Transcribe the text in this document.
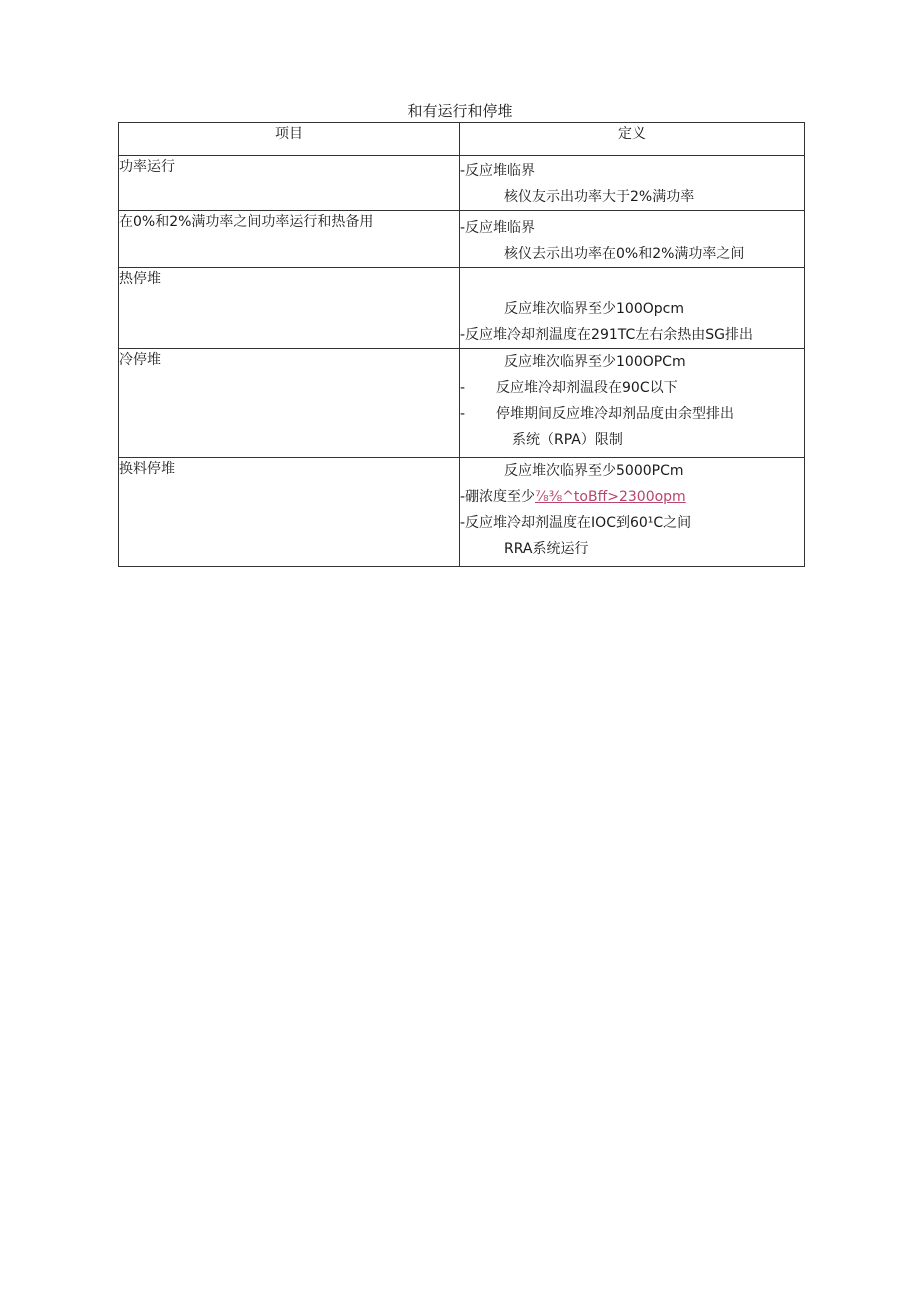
和有运行和停堆
项目	定义
功率运行	-反应堆临界
核仪友示出功率大于2%满功率

在0%和2%满功率之间功率运行和热备用	-反应堆临界
核仪去示出功率在0%和2%满功率之间

热停堆	反应堆次临界至少100Opcm
-反应堆冷却剂温度在291TC左右余热由SG排出

冷停堆	反应堆次临界至少100OPCm
- 反应堆冷却剂温段在90C以下
- 停堆期间反应堆冷却剂品度由余型排出
系统（RPA）限制

换料停堆	反应堆次临界至少5000PCm
-硼浓度至少⅞⅜^toBff>2300opm
-反应堆冷却剂温度在IOC到60¹C之间
RRA系统运行
